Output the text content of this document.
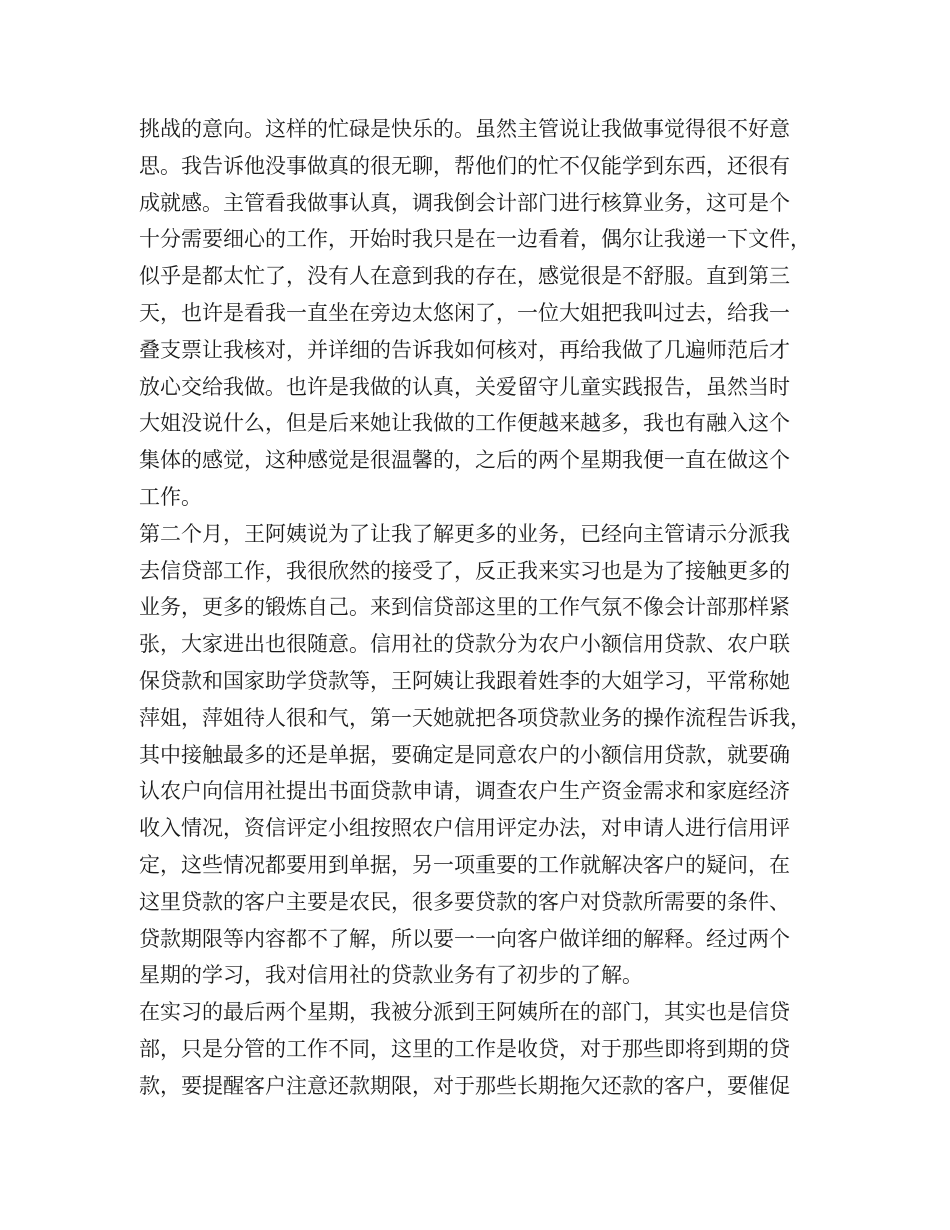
挑战的意向。这样的忙碌是快乐的。虽然主管说让我做事觉得很不好意
思。我告诉他没事做真的很无聊，帮他们的忙不仅能学到东西，还很有
成就感。主管看我做事认真，调我倒会计部门进行核算业务，这可是个
十分需要细心的工作，开始时我只是在一边看着，偶尔让我递一下文件，
似乎是都太忙了，没有人在意到我的存在，感觉很是不舒服。直到第三
天，也许是看我一直坐在旁边太悠闲了，一位大姐把我叫过去，给我一
叠支票让我核对，并详细的告诉我如何核对，再给我做了几遍师范后才
放心交给我做。也许是我做的认真，关爱留守儿童实践报告，虽然当时
大姐没说什么，但是后来她让我做的工作便越来越多，我也有融入这个
集体的感觉，这种感觉是很温馨的，之后的两个星期我便一直在做这个
工作。
第二个月，王阿姨说为了让我了解更多的业务，已经向主管请示分派我
去信贷部工作，我很欣然的接受了，反正我来实习也是为了接触更多的
业务，更多的锻炼自己。来到信贷部这里的工作气氛不像会计部那样紧
张，大家进出也很随意。信用社的贷款分为农户小额信用贷款、农户联
保贷款和国家助学贷款等，王阿姨让我跟着姓李的大姐学习，平常称她
萍姐，萍姐待人很和气，第一天她就把各项贷款业务的操作流程告诉我，
其中接触最多的还是单据，要确定是同意农户的小额信用贷款，就要确
认农户向信用社提出书面贷款申请，调查农户生产资金需求和家庭经济
收入情况，资信评定小组按照农户信用评定办法，对申请人进行信用评
定，这些情况都要用到单据，另一项重要的工作就解决客户的疑问，在
这里贷款的客户主要是农民，很多要贷款的客户对贷款所需要的条件、
贷款期限等内容都不了解，所以要一一向客户做详细的解释。经过两个
星期的学习，我对信用社的贷款业务有了初步的了解。
在实习的最后两个星期，我被分派到王阿姨所在的部门，其实也是信贷
部，只是分管的工作不同，这里的工作是收贷，对于那些即将到期的贷
款，要提醒客户注意还款期限，对于那些长期拖欠还款的客户，要催促
